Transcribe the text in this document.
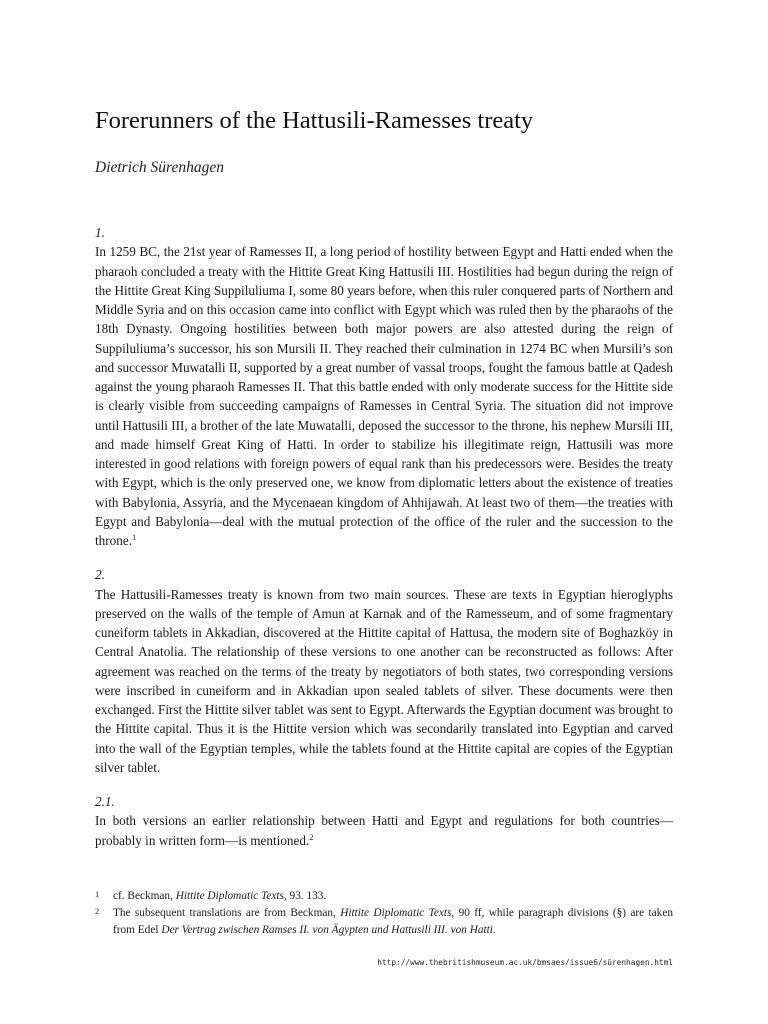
Forerunners of the Hattusili-Ramesses treaty

Dietrich Sürenhagen

1.

In 1259 BC, the 21st year of Ramesses II, a long period of hostility between Egypt and Hatti ended when the pharaoh concluded a treaty with the Hittite Great King Hattusili III. Hostilities had begun during the reign of the Hittite Great King Suppiluliuma I, some 80 years before, when this ruler conquered parts of Northern and Middle Syria and on this occasion came into conflict with Egypt which was ruled then by the pharaohs of the 18th Dynasty. Ongoing hostilities between both major powers are also attested during the reign of Suppiluliuma’s successor, his son Mursili II. They reached their culmination in 1274 BC when Mursili’s son and successor Muwatalli II, supported by a great number of vassal troops, fought the famous battle at Qadesh against the young pharaoh Ramesses II. That this battle ended with only moderate success for the Hittite side is clearly visible from succeeding campaigns of Ramesses in Central Syria. The situation did not improve until Hattusili III, a brother of the late Muwatalli, deposed the successor to the throne, his nephew Mursili III, and made himself Great King of Hatti. In order to stabilize his illegitimate reign, Hattusili was more interested in good relations with foreign powers of equal rank than his predecessors were. Besides the treaty with Egypt, which is the only preserved one, we know from diplomatic letters about the existence of treaties with Babylonia, Assyria, and the Mycenaean kingdom of Ahhijawah. At least two of them—the treaties with Egypt and Babylonia—deal with the mutual protection of the office of the ruler and the succession to the throne.$^1$

2.

The Hattusili-Ramesses treaty is known from two main sources. These are texts in Egyptian hieroglyphs preserved on the walls of the temple of Amun at Karnak and of the Ramesseum, and of some fragmentary cuneiform tablets in Akkadian, discovered at the Hittite capital of Hattusa, the modern site of Boghazköy in Central Anatolia. The relationship of these versions to one another can be reconstructed as follows: After agreement was reached on the terms of the treaty by negotiators of both states, two corresponding versions were inscribed in cuneiform and in Akkadian upon sealed tablets of silver. These documents were then exchanged. First the Hittite silver tablet was sent to Egypt. Afterwards the Egyptian document was brought to the Hittite capital. Thus it is the Hittite version which was secondarily translated into Egyptian and carved into the wall of the Egyptian temples, while the tablets found at the Hittite capital are copies of the Egyptian silver tablet.

2.1.

In both versions an earlier relationship between Hatti and Egypt and regulations for both countries—probably in written form—is mentioned.$^2$

1	cf. Beckman, Hittite Diplomatic Texts, 93. 133.

2	The subsequent translations are from Beckman, Hittite Diplomatic Texts, 90 ff, while paragraph divisions (§) are taken from Edel Der Vertrag zwischen Ramses II. von Ägypten und Hattusili III. von Hatti.

http://www.thebritishmuseum.ac.uk/bmsaes/issue6/sürenhagen.html
